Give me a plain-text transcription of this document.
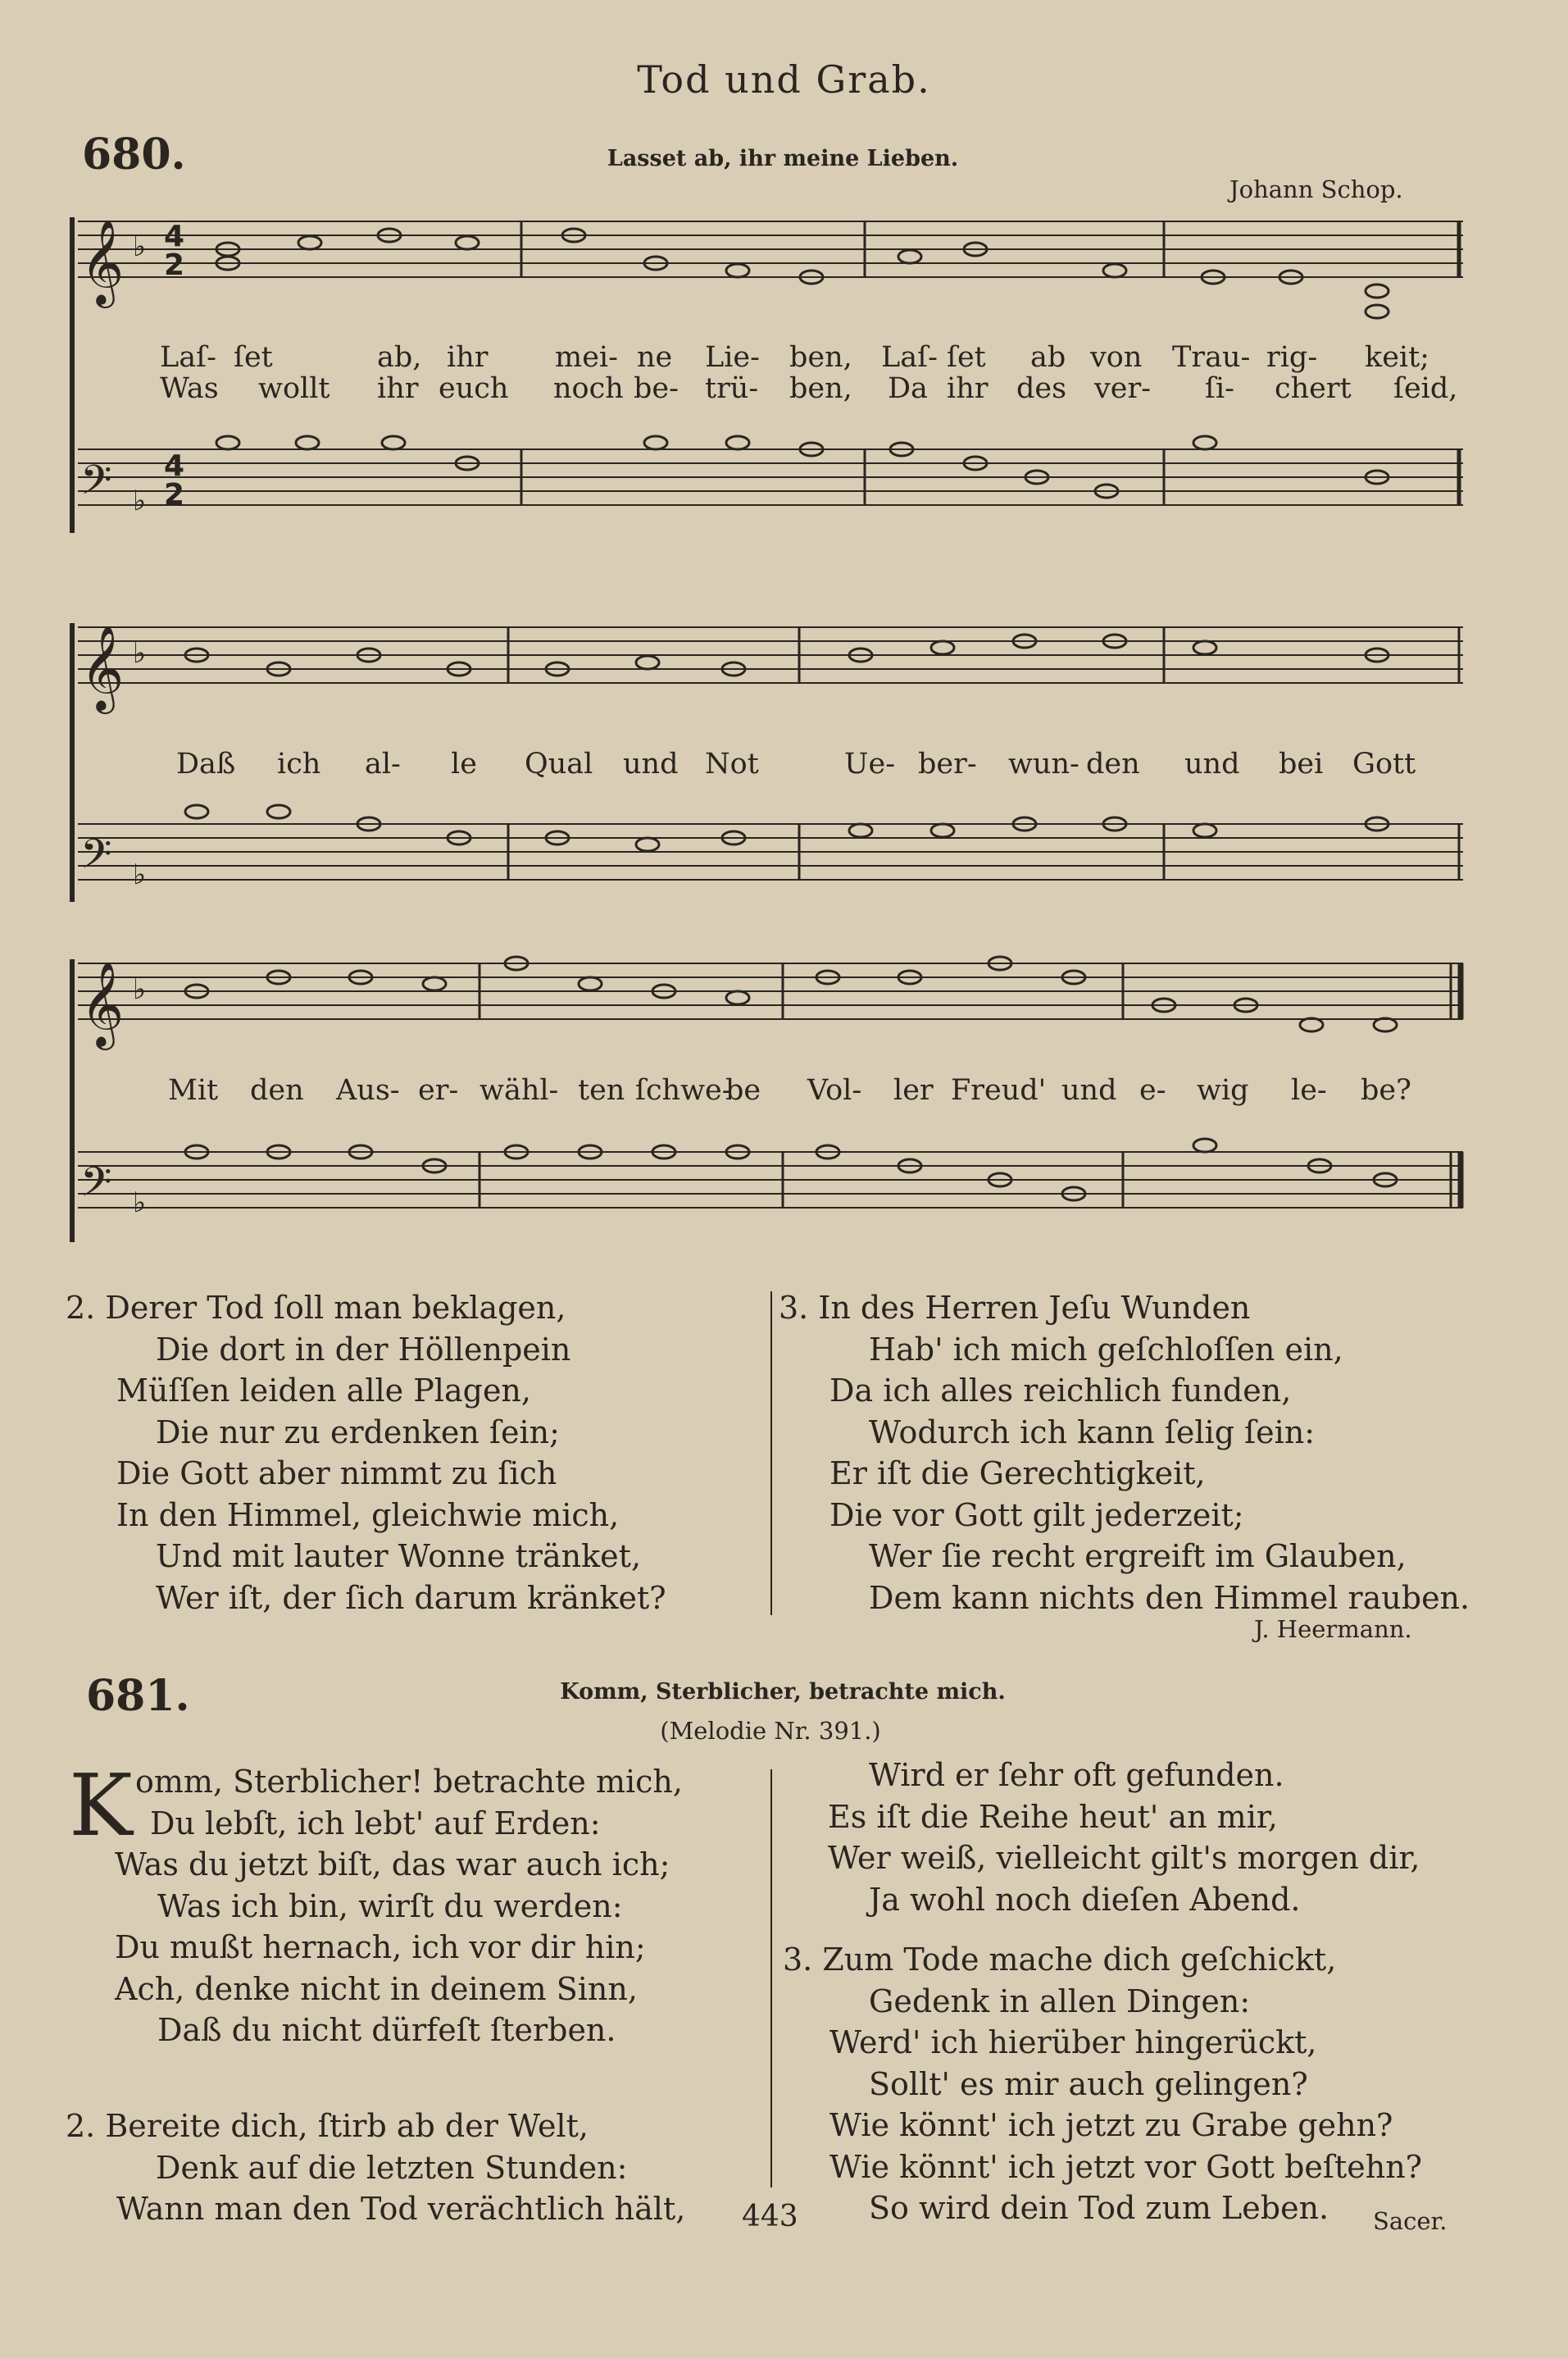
Tod und Grab.
680.	Lasset ab, ihr meine Lieben.
Johann Schop.
𝄞
𝄞
𝄞
𝄢
𝄢
𝄢
♭
♭
♭
♭
♭
♭
4
2
4
2
Laſ- ſet	ab, ihr mei- ne Lie- ben, Laſ- ſet ab von Trau- rig- keit;
Was wollt ihr euch noch be- trü- ben, Da ihr des ver- ſi- chert ſeid,
Daß ich al- le Qual und Not	Ue- ber- wun- den und bei Gott
Mit den Aus- er- wähl- ten ſchwe-
be Vol- ler Freud' und e- wig le- be?
2. Derer Tod ſoll man beklagen,
Die dort in der Höllenpein
Müſſen leiden alle Plagen,
Die nur zu erdenken ſein;
Die Gott aber nimmt zu ſich
In den Himmel, gleichwie mich,
Und mit lauter Wonne tränket,
Wer iſt, der ſich darum kränket?
3. In des Herren Jeſu Wunden
Hab' ich mich geſchloſſen ein,
Da ich alles reichlich funden,
Wodurch ich kann ſelig ſein:
Er iſt die Gerechtigkeit,
Die vor Gott gilt jederzeit;
Wer ſie recht ergreift im Glauben,
Dem kann nichts den Himmel rauben.
J. Heermann.
681.	Komm, Sterblicher, betrachte mich.
(Melodie Nr. 391.)
K omm, Sterblicher! betrachte mich,
Du lebſt, ich lebt' auf Erden:
Was du jetzt biſt, das war auch ich;
Was ich bin, wirſt du werden:
Du mußt hernach, ich vor dir hin;
Ach, denke nicht in deinem Sinn,
Daß du nicht dürfeſt ſterben.
2. Bereite dich, ſtirb ab der Welt,
Denk auf die letzten Stunden:
Wann man den Tod verächtlich hält,
Wird er ſehr oft gefunden.
Es iſt die Reihe heut' an mir,
Wer weiß, vielleicht gilt's morgen dir,
Ja wohl noch dieſen Abend.
3. Zum Tode mache dich geſchickt,
Gedenk in allen Dingen:
Werd' ich hierüber hingerückt,
Sollt' es mir auch gelingen?
Wie könnt' ich jetzt zu Grabe gehn?
Wie könnt' ich jetzt vor Gott beſtehn?
So wird dein Tod zum Leben.	Sacer.
443
